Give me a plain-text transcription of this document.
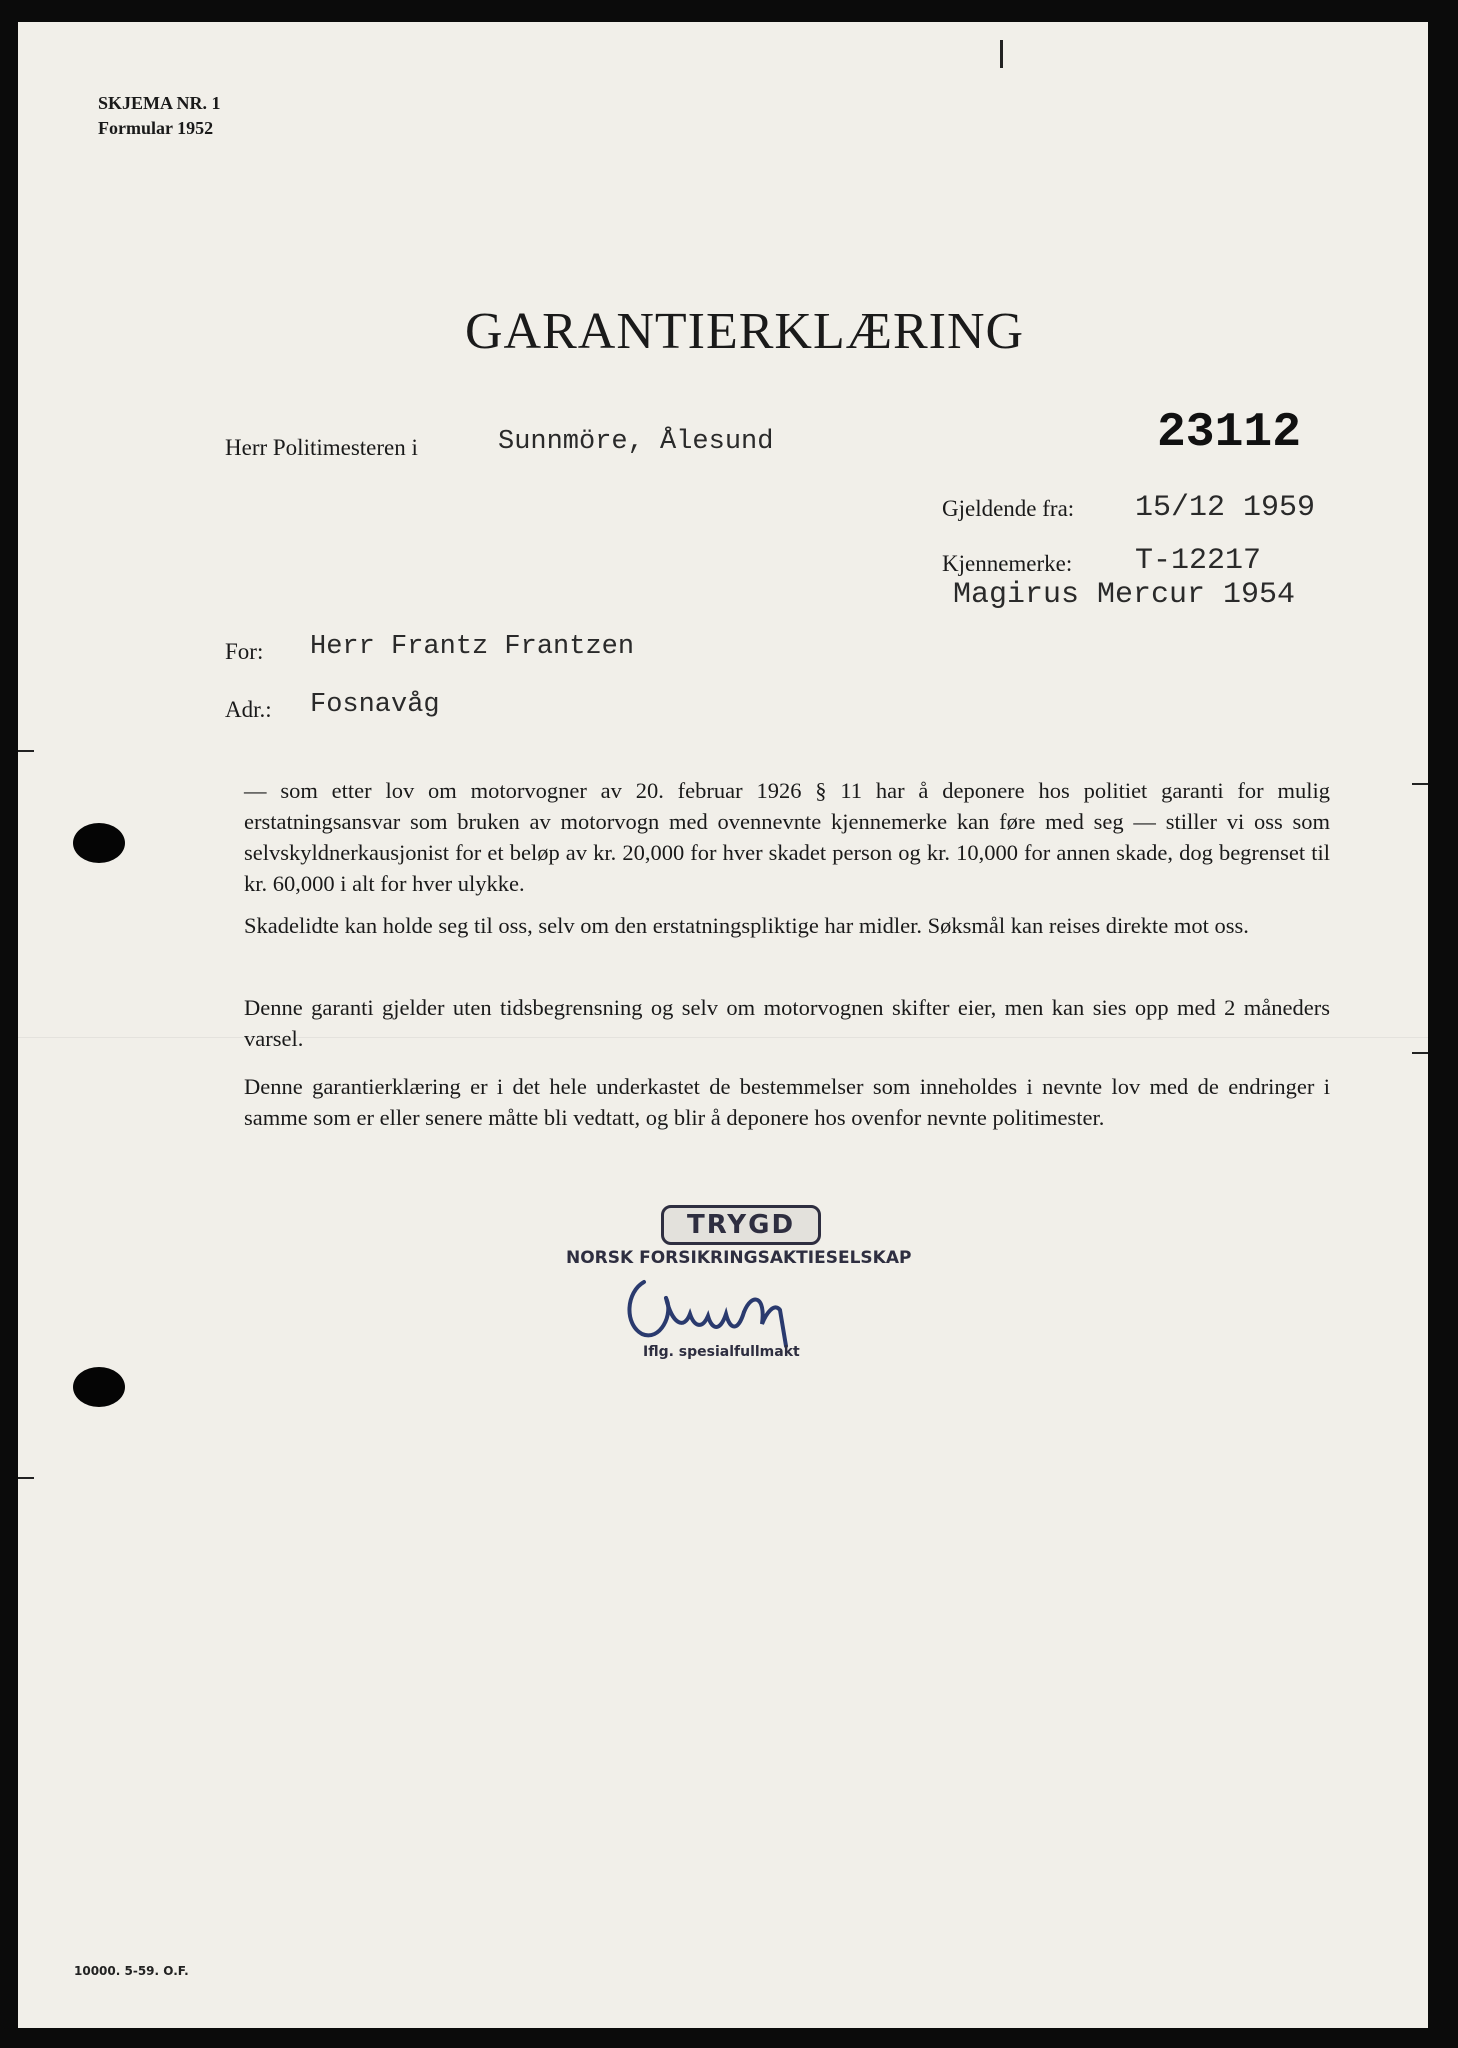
SKJEMA NR. 1
Formular 1952
GARANTIERKLÆRING
Herr Politimesteren i	Sunnmöre, Ålesund	23112
Gjeldende fra: 15/12 1959
Kjennemerke: T-12217
Magirus Mercur 1954
For: Herr Frantz Frantzen
Adr.: Fosnavåg
— som etter lov om motorvogner av 20. februar 1926 § 11 har å deponere hos politiet garanti for mulig erstatningsansvar som bruken av motorvogn med ovennevnte kjennemerke kan føre med seg — stiller vi oss som selvskyldnerkausjonist for et beløp av kr. 20,000 for hver skadet person og kr. 10,000 for annen skade, dog begrenset til kr. 60,000 i alt for hver ulykke.
Skadelidte kan holde seg til oss, selv om den erstatningspliktige har midler. Søksmål kan reises direkte mot oss.
Denne garanti gjelder uten tidsbegrensning og selv om motorvognen skifter eier, men kan sies opp med 2 måneders varsel.
Denne garantierklæring er i det hele underkastet de bestemmelser som inneholdes i nevnte lov med de endringer i samme som er eller senere måtte bli vedtatt, og blir å deponere hos ovenfor nevnte politimester.
TRYGD
NORSK FORSIKRINGSAKTIESELSKAP
Iflg. spesialfullmakt
10000. 5-59. O.F.
